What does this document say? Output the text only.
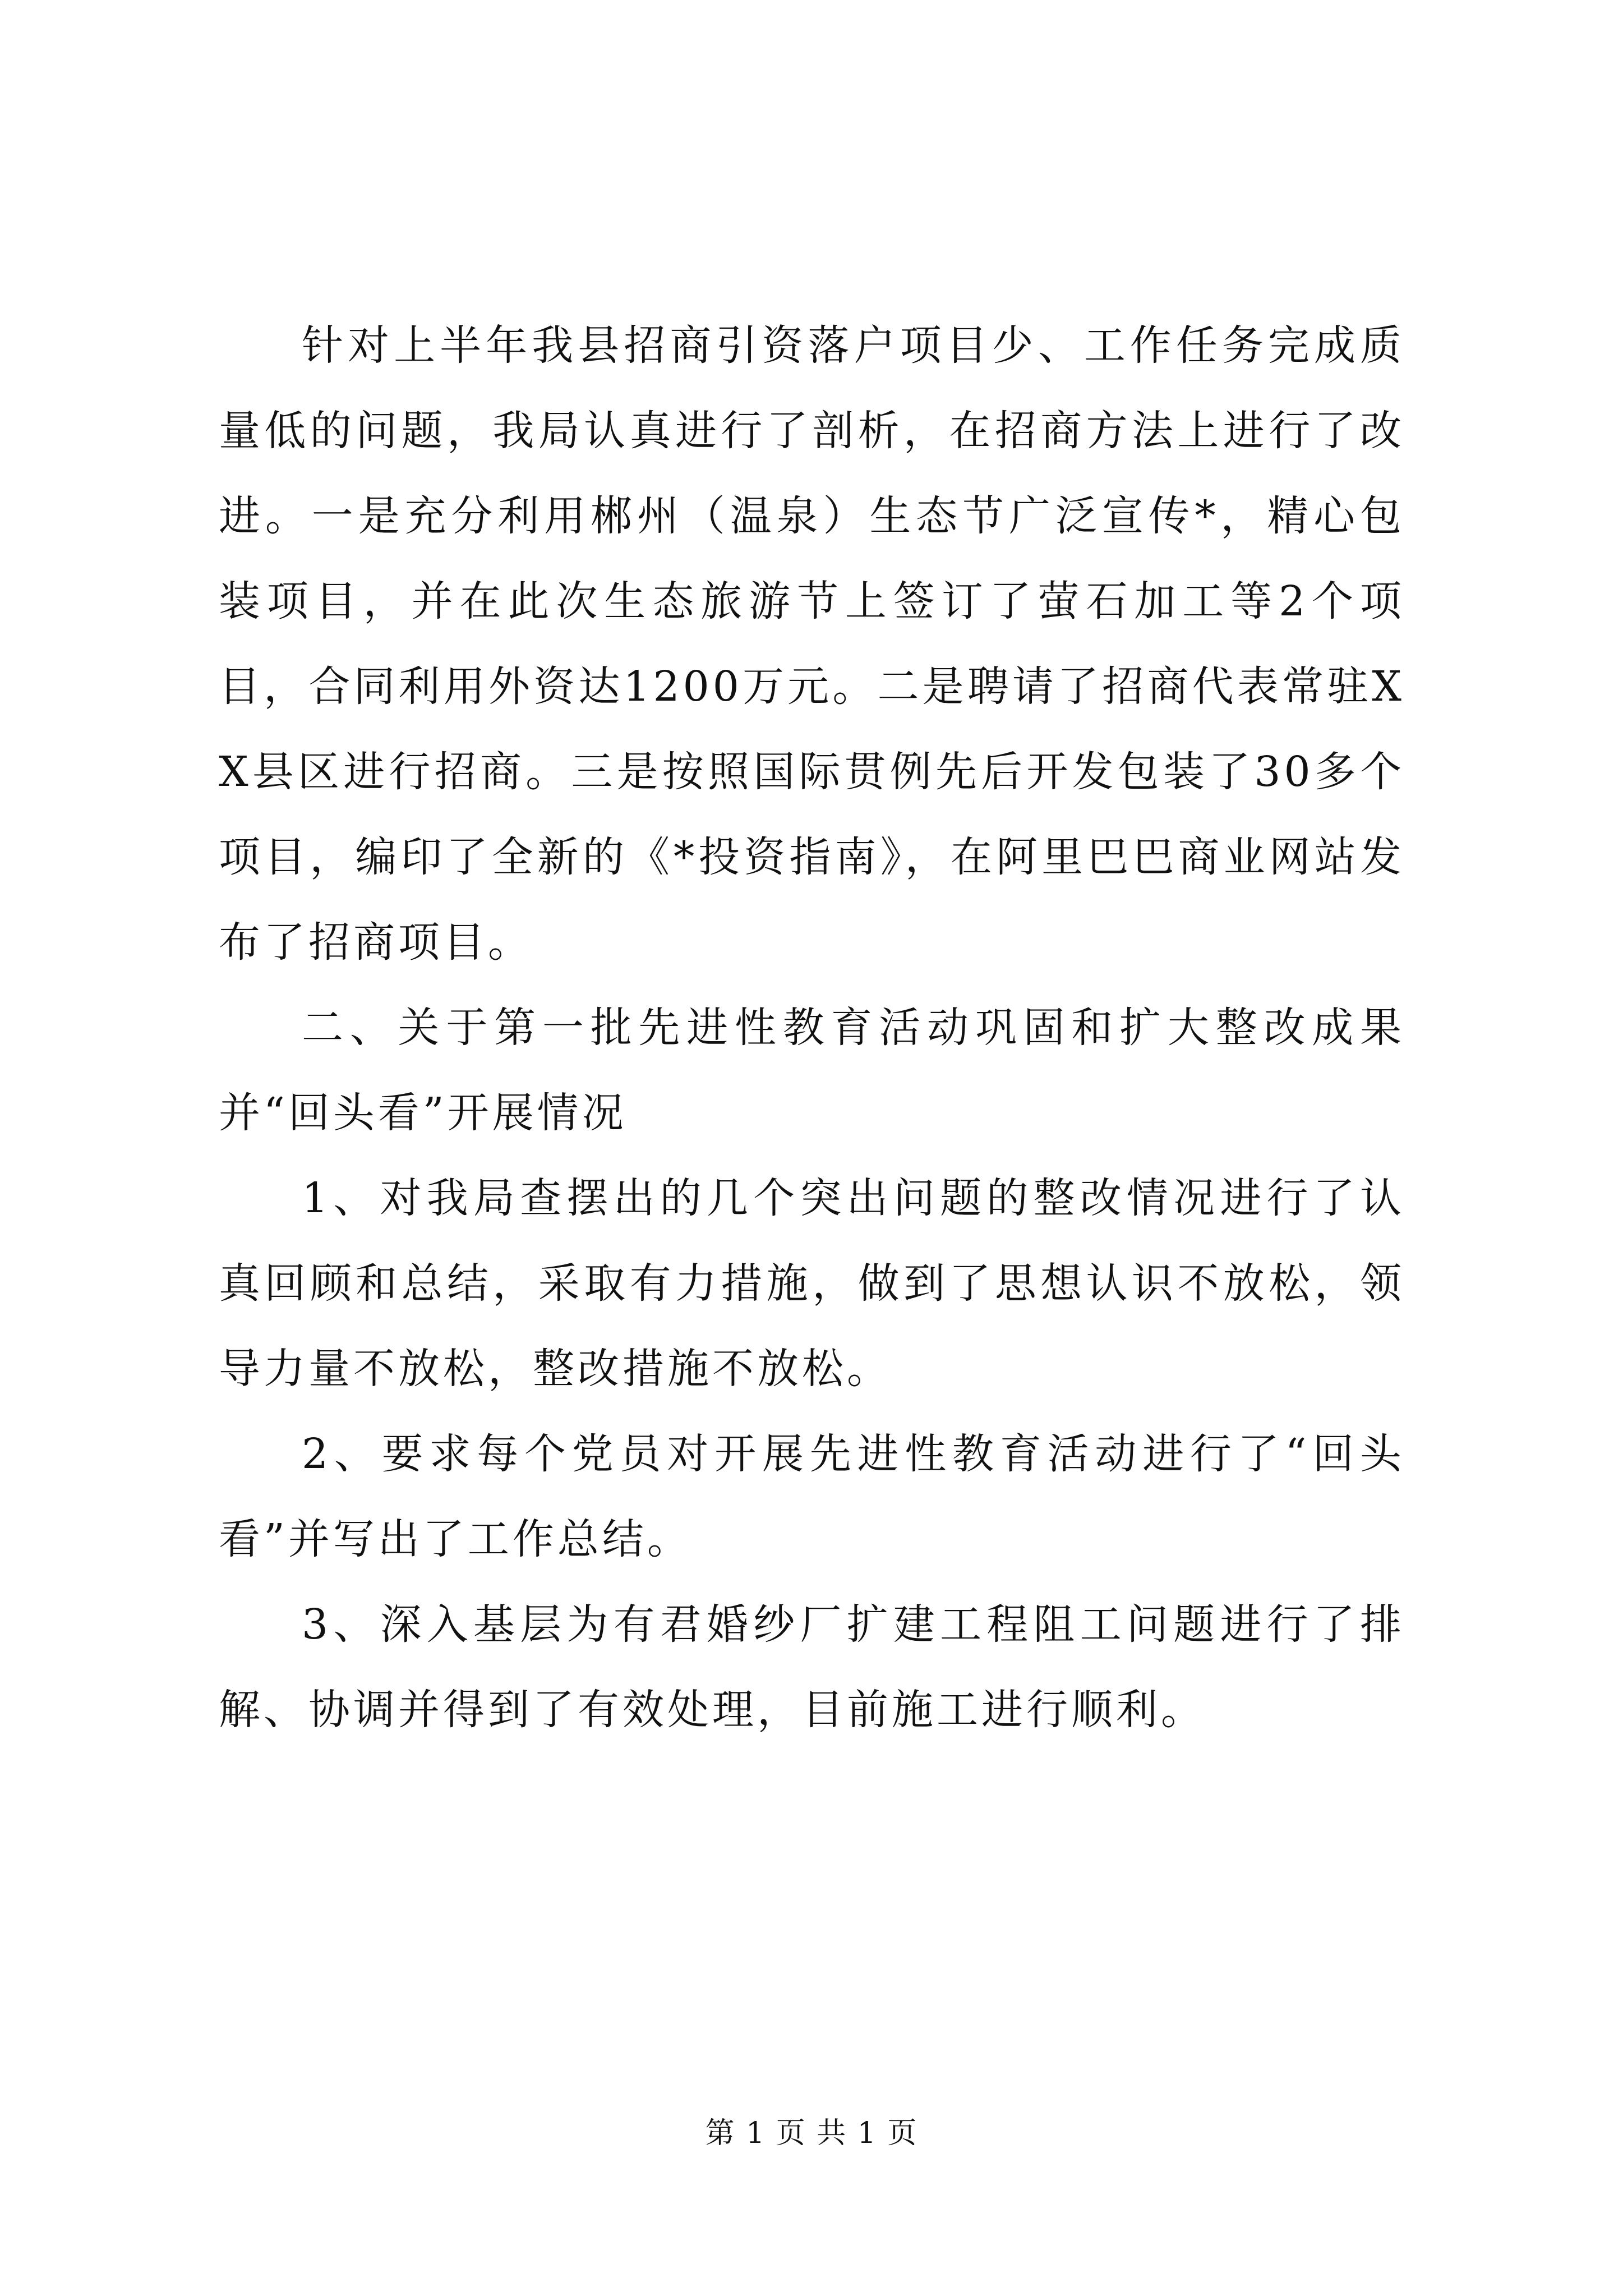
针对上半年我县招商引资落户项目少、工作任务完成质量低的问题，我局认真进行了剖析，在招商方法上进行了改进。一是充分利用郴州（温泉）生态节广泛宣传*，精心包装项目，并在此次生态旅游节上签订了萤石加工等2个项目，合同利用外资达1200万元。二是聘请了招商代表常驻XX县区进行招商。三是按照国际贯例先后开发包装了30多个项目，编印了全新的《*投资指南》，在阿里巴巴商业网站发布了招商项目。

二、关于第一批先进性教育活动巩固和扩大整改成果并“回头看”开展情况

1、对我局查摆出的几个突出问题的整改情况进行了认真回顾和总结，采取有力措施，做到了思想认识不放松，领导力量不放松，整改措施不放松。

2、要求每个党员对开展先进性教育活动进行了“回头看”并写出了工作总结。

3、深入基层为有君婚纱厂扩建工程阻工问题进行了排解、协调并得到了有效处理，目前施工进行顺利。

第 1 页 共 1 页
